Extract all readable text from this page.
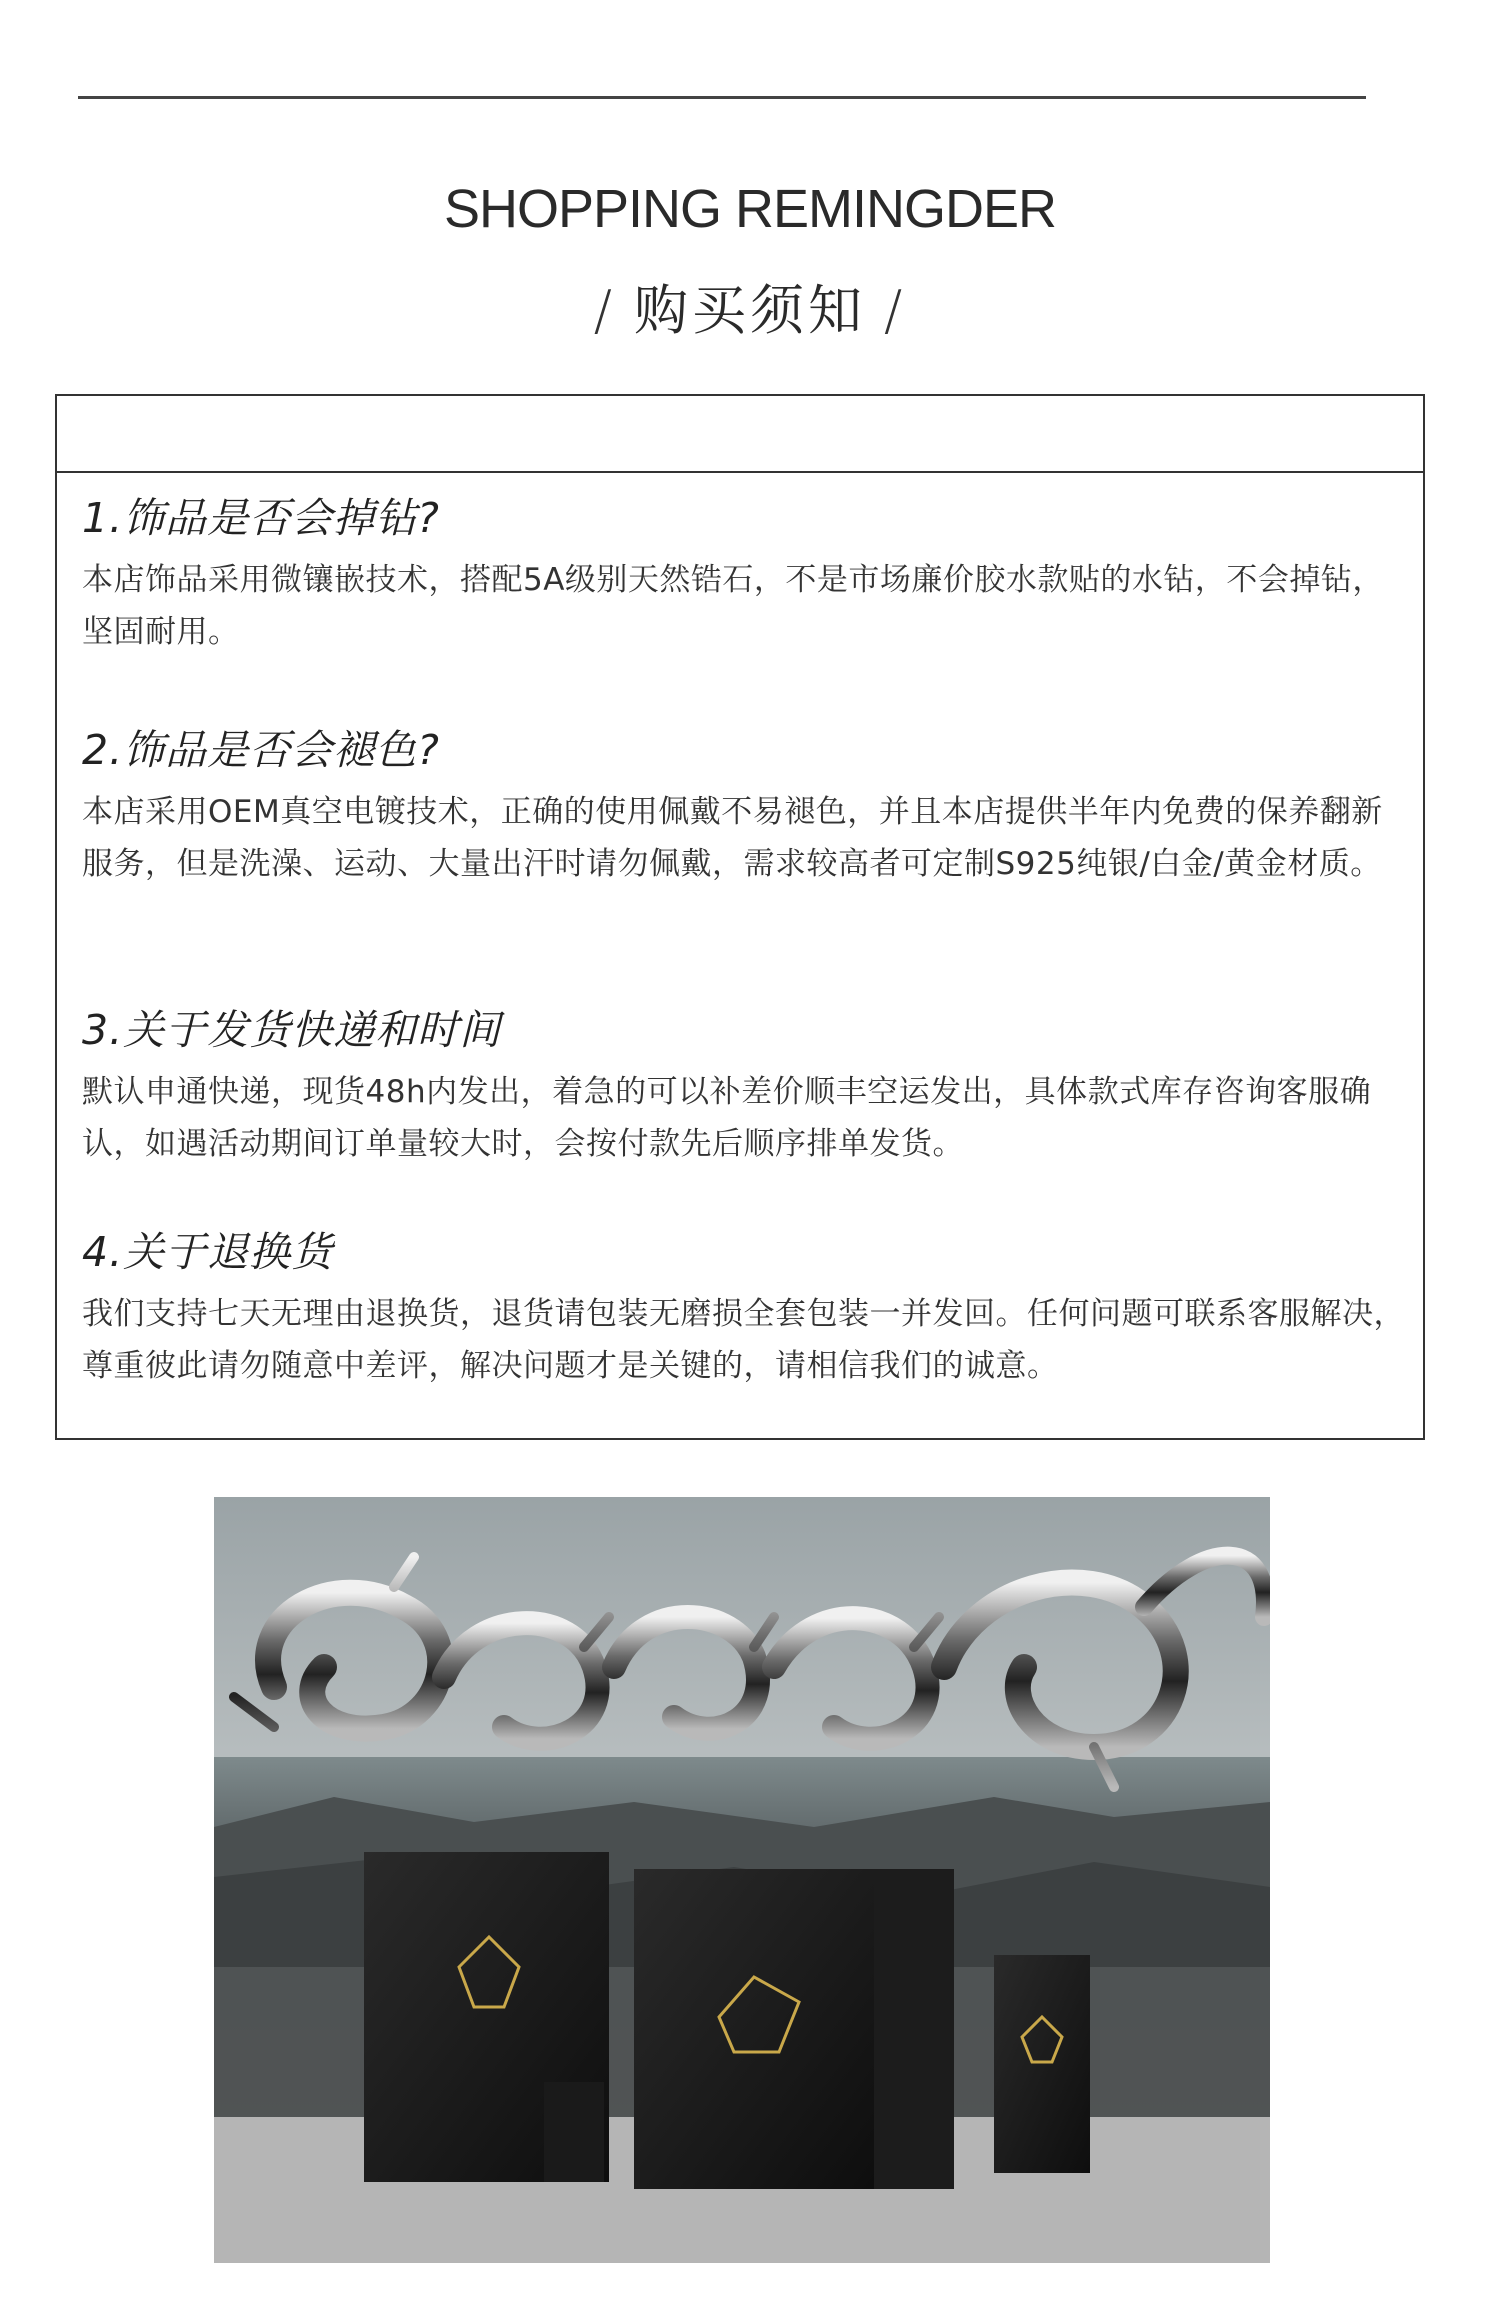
SHOPPING REMINGDER
/ 购买须知 /
1.饰品是否会掉钻?
本店饰品采用微镶嵌技术，搭配5A级别天然锆石，不是市场廉价胶水款贴的水钻，不会掉钻，坚固耐用。
2.饰品是否会褪色?
本店采用OEM真空电镀技术，正确的使用佩戴不易褪色，并且本店提供半年内免费的保养翻新服务，但是洗澡、运动、大量出汗时请勿佩戴，需求较高者可定制S925纯银/白金/黄金材质。
3.关于发货快递和时间
默认申通快递，现货48h内发出，着急的可以补差价顺丰空运发出，具体款式库存咨询客服确认，如遇活动期间订单量较大时，会按付款先后顺序排单发货。
4.关于退换货
我们支持七天无理由退换货，退货请包装无磨损全套包装一并发回。任何问题可联系客服解决，尊重彼此请勿随意中差评，解决问题才是关键的，请相信我们的诚意。
